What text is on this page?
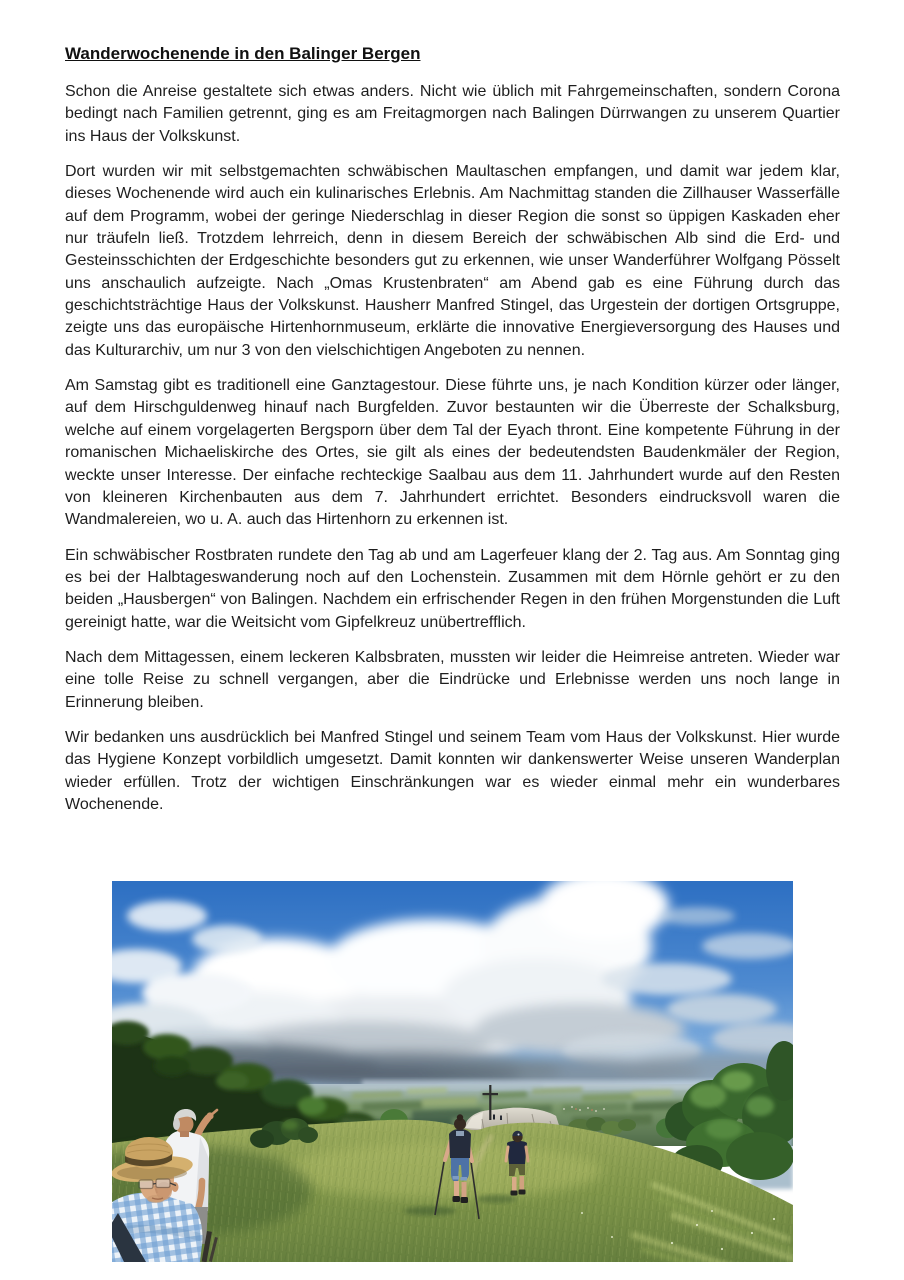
Wanderwochenende in den Balinger Bergen

Schon die Anreise gestaltete sich etwas anders. Nicht wie üblich mit Fahrgemeinschaften, sondern Corona bedingt nach Familien getrennt, ging es am Freitagmorgen nach Balingen Dürrwangen zu unserem Quartier ins Haus der Volkskunst.

Dort wurden wir mit selbstgemachten schwäbischen Maultaschen empfangen, und damit war jedem klar, dieses Wochenende wird auch ein kulinarisches Erlebnis. Am Nachmittag standen die Zillhauser Wasserfälle auf dem Programm, wobei der geringe Niederschlag in dieser Region die sonst so üppigen Kaskaden eher nur träufeln ließ. Trotzdem lehrreich, denn in diesem Bereich der schwäbischen Alb sind die Erd- und Gesteinsschichten der Erdgeschichte besonders gut zu erkennen, wie unser Wanderführer Wolfgang Pösselt uns anschaulich aufzeigte. Nach „Omas Krustenbraten“ am Abend gab es eine Führung durch das geschichtsträchtige Haus der Volkskunst. Hausherr Manfred Stingel, das Urgestein der dortigen Ortsgruppe, zeigte uns das europäische Hirtenhornmuseum, erklärte die innovative Energieversorgung des Hauses und das Kulturarchiv, um nur 3 von den vielschichtigen Angeboten zu nennen.

Am Samstag gibt es traditionell eine Ganztagestour. Diese führte uns, je nach Kondition kürzer oder länger, auf dem Hirschguldenweg hinauf nach Burgfelden. Zuvor bestaunten wir die Überreste der Schalksburg, welche auf einem vorgelagerten Bergsporn über dem Tal der Eyach thront. Eine kompetente Führung in der romanischen Michaeliskirche des Ortes, sie gilt als eines der bedeutendsten Baudenkmäler der Region, weckte unser Interesse. Der einfache rechteckige Saalbau aus dem 11. Jahrhundert wurde auf den Resten von kleineren Kirchenbauten aus dem 7. Jahrhundert errichtet. Besonders eindrucksvoll waren die Wandmalereien, wo u. A. auch das Hirtenhorn zu erkennen ist.

Ein schwäbischer Rostbraten rundete den Tag ab und am Lagerfeuer klang der 2. Tag aus. Am Sonntag ging es bei der Halbtageswanderung noch auf den Lochenstein. Zusammen mit dem Hörnle gehört er zu den beiden „Hausbergen“ von Balingen. Nachdem ein erfrischender Regen in den frühen Morgenstunden die Luft gereinigt hatte, war die Weitsicht vom Gipfelkreuz unübertrefflich.

Nach dem Mittagessen, einem leckeren Kalbsbraten, mussten wir leider die Heimreise antreten. Wieder war eine tolle Reise zu schnell vergangen, aber die Eindrücke und Erlebnisse werden uns noch lange in Erinnerung bleiben.

Wir bedanken uns ausdrücklich bei Manfred Stingel und seinem Team vom Haus der Volkskunst. Hier wurde das Hygiene Konzept vorbildlich umgesetzt. Damit konnten wir dankenswerter Weise unseren Wanderplan wieder erfüllen. Trotz der wichtigen Einschränkungen war es wieder einmal mehr ein wunderbares Wochenende.
